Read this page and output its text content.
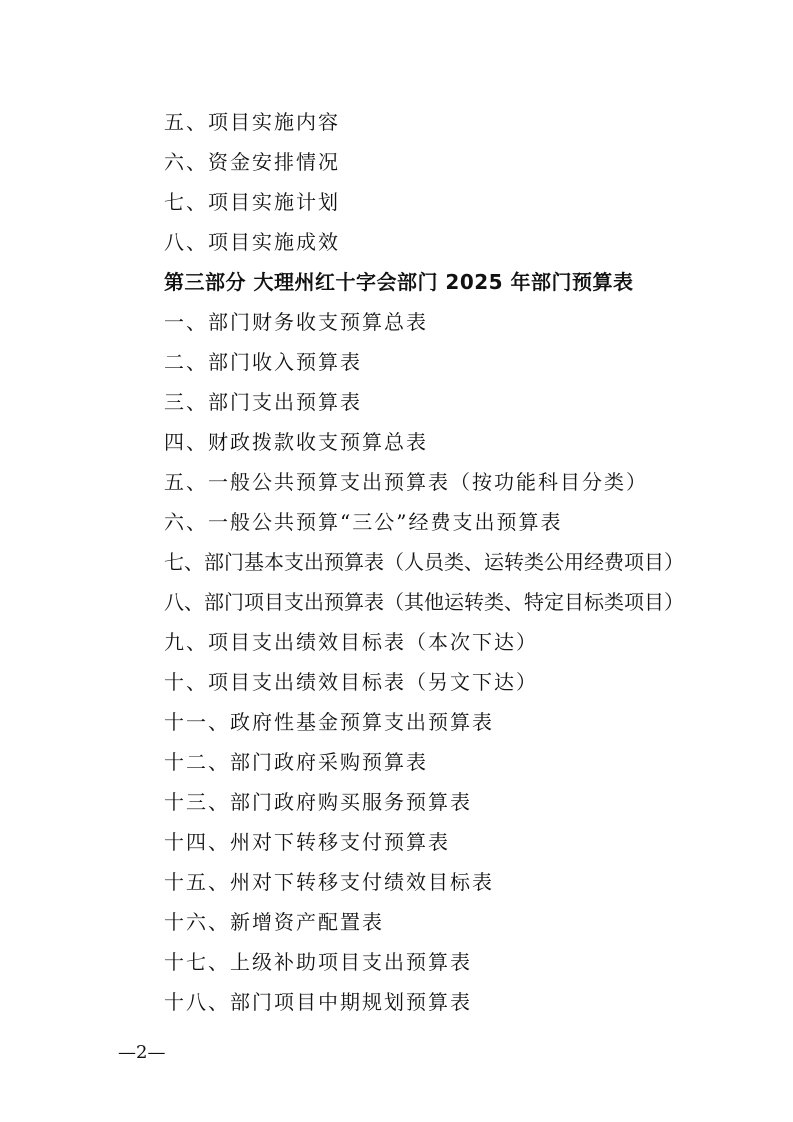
五、项目实施内容
六、资金安排情况
七、项目实施计划
八、项目实施成效
第三部分 大理州红十字会部门 2025 年部门预算表
一、部门财务收支预算总表
二、部门收入预算表
三、部门支出预算表
四、财政拨款收支预算总表
五、一般公共预算支出预算表（按功能科目分类）
六、一般公共预算“三公”经费支出预算表
七、部门基本支出预算表（人员类、运转类公用经费项目）
八、部门项目支出预算表（其他运转类、特定目标类项目）
九、项目支出绩效目标表（本次下达）
十、项目支出绩效目标表（另文下达）
十一、政府性基金预算支出预算表
十二、部门政府采购预算表
十三、部门政府购买服务预算表
十四、州对下转移支付预算表
十五、州对下转移支付绩效目标表
十六、新增资产配置表
十七、上级补助项目支出预算表
十八、部门项目中期规划预算表
—2—
